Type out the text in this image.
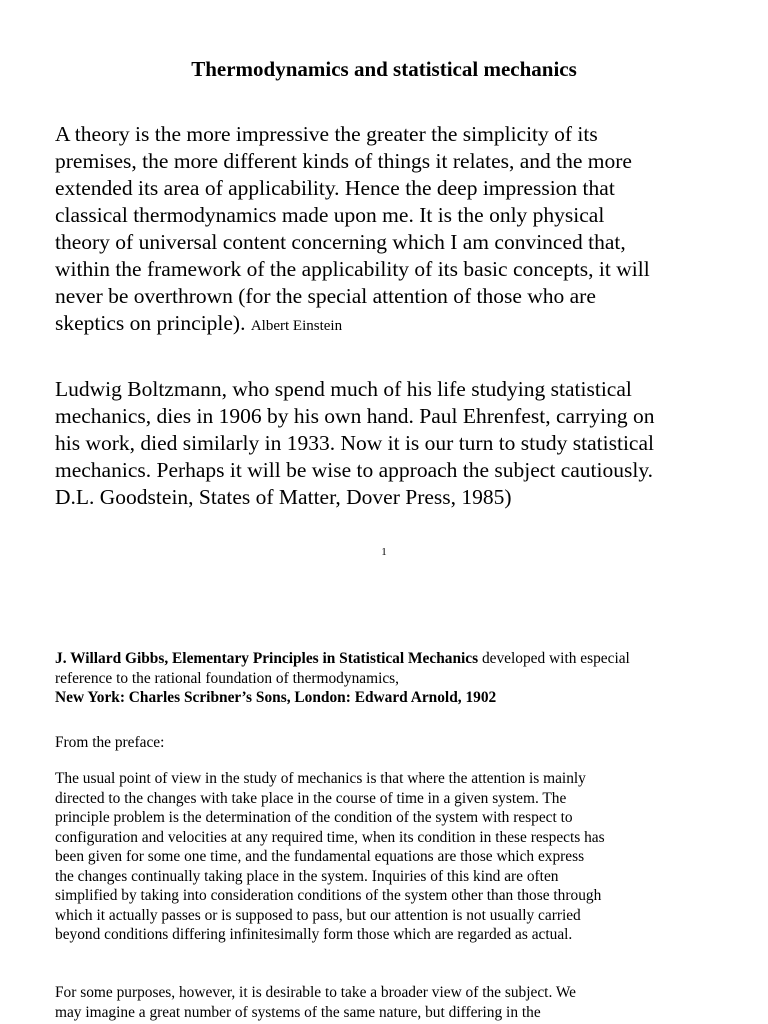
Thermodynamics and statistical mechanics
A theory is the more impressive the greater the simplicity of its
premises, the more different kinds of things it relates, and the more
extended its area of applicability. Hence the deep impression that
classical thermodynamics made upon me. It is the only physical
theory of universal content concerning which I am convinced that,
within the framework of the applicability of its basic concepts, it will
never be overthrown (for the special attention of those who are
skeptics on principle). Albert Einstein
Ludwig Boltzmann, who spend much of his life studying statistical
mechanics, dies in 1906 by his own hand. Paul Ehrenfest, carrying on
his work, died similarly in 1933. Now it is our turn to study statistical
mechanics. Perhaps it will be wise to approach the subject cautiously.
D.L. Goodstein, States of Matter, Dover Press, 1985)
1
J. Willard Gibbs, Elementary Principles in Statistical Mechanics developed with especial
reference to the rational foundation of thermodynamics,
New York: Charles Scribner’s Sons, London: Edward Arnold, 1902
From the preface:
The usual point of view in the study of mechanics is that where the attention is mainly
directed to the changes with take place in the course of time in a given system. The
principle problem is the determination of the condition of the system with respect to
configuration and velocities at any required time, when its condition in these respects has
been given for some one time, and the fundamental equations are those which express
the changes continually taking place in the system. Inquiries of this kind are often
simplified by taking into consideration conditions of the system other than those through
which it actually passes or is supposed to pass, but our attention is not usually carried
beyond conditions differing infinitesimally form those which are regarded as actual.
For some purposes, however, it is desirable to take a broader view of the subject. We
may imagine a great number of systems of the same nature, but differing in the
